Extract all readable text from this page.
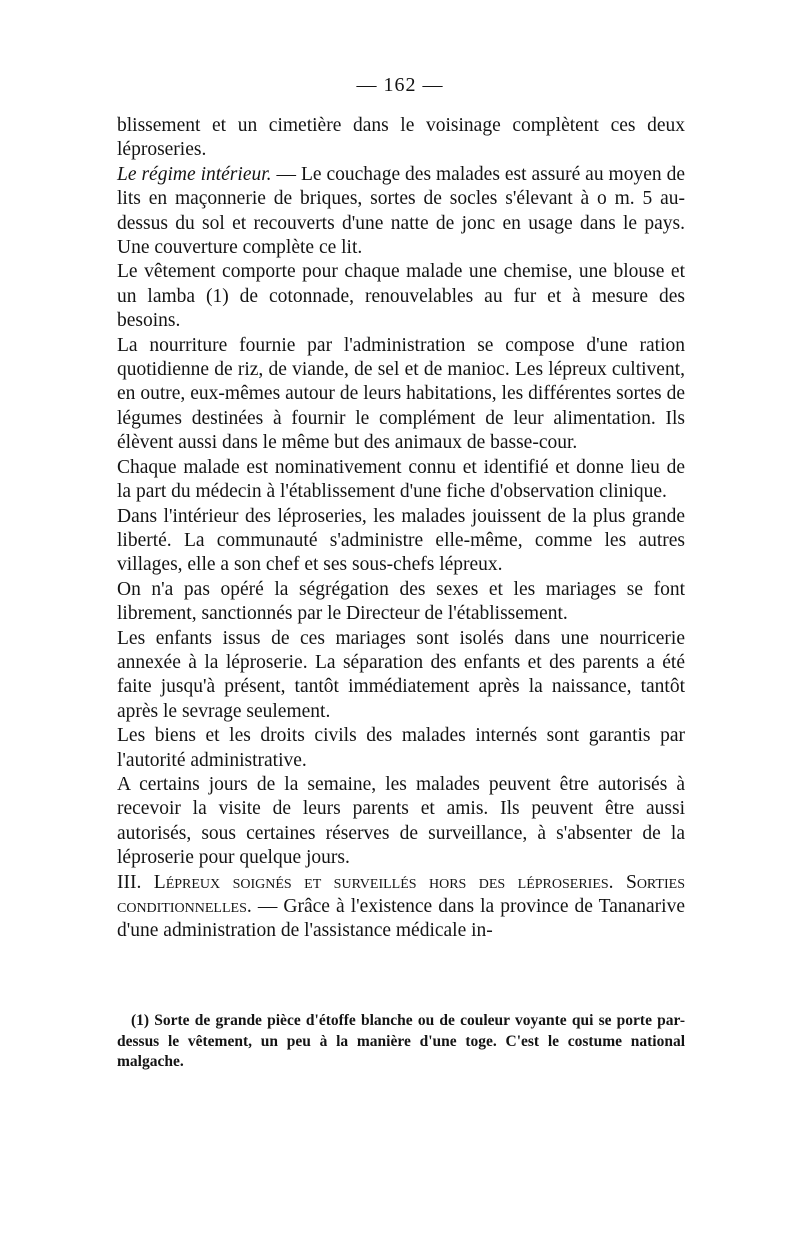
— 162 —

blissement et un cimetière dans le voisinage complètent ces deux léproseries.

Le régime intérieur. — Le couchage des malades est assuré au moyen de lits en maçonnerie de briques, sortes de socles s'élevant à o m. 5 au-dessus du sol et recouverts d'une natte de jonc en usage dans le pays. Une couverture complète ce lit.

Le vêtement comporte pour chaque malade une chemise, une blouse et un lamba (1) de cotonnade, renouvelables au fur et à mesure des besoins.

La nourriture fournie par l'administration se compose d'une ration quotidienne de riz, de viande, de sel et de manioc. Les lépreux cultivent, en outre, eux-mêmes autour de leurs habitations, les différentes sortes de légumes destinées à fournir le complément de leur alimentation. Ils élèvent aussi dans le même but des animaux de basse-cour.

Chaque malade est nominativement connu et identifié et donne lieu de la part du médecin à l'établissement d'une fiche d'observation clinique.

Dans l'intérieur des léproseries, les malades jouissent de la plus grande liberté. La communauté s'administre elle-même, comme les autres villages, elle a son chef et ses sous-chefs lépreux.

On n'a pas opéré la ségrégation des sexes et les mariages se font librement, sanctionnés par le Directeur de l'établissement.

Les enfants issus de ces mariages sont isolés dans une nourricerie annexée à la léproserie. La séparation des enfants et des parents a été faite jusqu'à présent, tantôt immédiatement après la naissance, tantôt après le sevrage seulement.

Les biens et les droits civils des malades internés sont garantis par l'autorité administrative.

A certains jours de la semaine, les malades peuvent être autorisés à recevoir la visite de leurs parents et amis. Ils peuvent être aussi autorisés, sous certaines réserves de surveillance, à s'absenter de la léproserie pour quelque jours.

III. Lépreux soignés et surveillés hors des léproseries. Sorties conditionnelles. — Grâce à l'existence dans la province de Tananarive d'une administration de l'assistance médicale in-

(1) Sorte de grande pièce d'étoffe blanche ou de couleur voyante qui se porte par-dessus le vêtement, un peu à la manière d'une toge. C'est le costume national malgache.
